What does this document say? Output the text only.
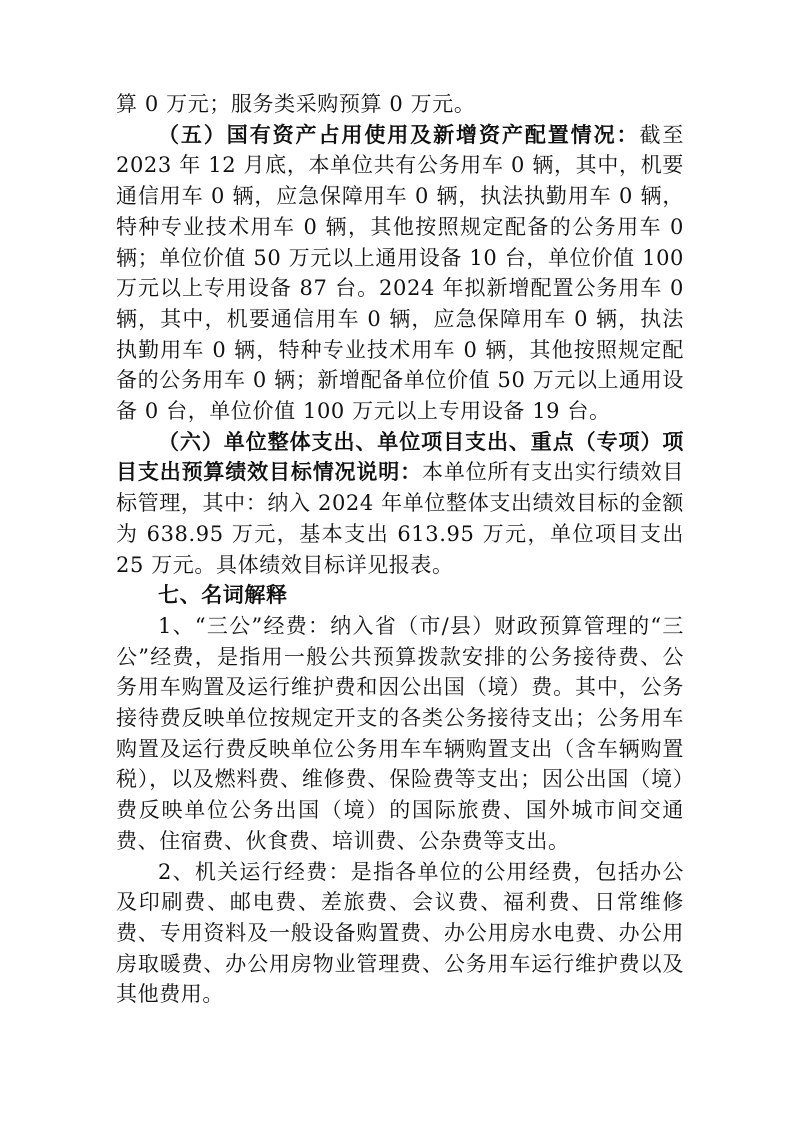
算 0 万元；服务类采购预算 0 万元。

（五）国有资产占用使用及新增资产配置情况：截至 2023 年 12 月底，本单位共有公务用车 0 辆，其中，机要通信用车 0 辆，应急保障用车 0 辆，执法执勤用车 0 辆，特种专业技术用车 0 辆，其他按照规定配备的公务用车 0 辆；单位价值 50 万元以上通用设备 10 台，单位价值 100 万元以上专用设备 87 台。2024 年拟新增配置公务用车 0 辆，其中，机要通信用车 0 辆，应急保障用车 0 辆，执法执勤用车 0 辆，特种专业技术用车 0 辆，其他按照规定配备的公务用车 0 辆；新增配备单位价值 50 万元以上通用设备 0 台，单位价值 100 万元以上专用设备 19 台。

（六）单位整体支出、单位项目支出、重点（专项）项目支出预算绩效目标情况说明：本单位所有支出实行绩效目标管理，其中：纳入 2024 年单位整体支出绩效目标的金额为 638.95 万元，基本支出 613.95 万元，单位项目支出 25 万元。具体绩效目标详见报表。

七、名词解释

1、“三公”经费：纳入省（市/县）财政预算管理的“三公”经费，是指用一般公共预算拨款安排的公务接待费、公务用车购置及运行维护费和因公出国（境）费。其中，公务接待费反映单位按规定开支的各类公务接待支出；公务用车购置及运行费反映单位公务用车车辆购置支出（含车辆购置税），以及燃料费、维修费、保险费等支出；因公出国（境）费反映单位公务出国（境）的国际旅费、国外城市间交通费、住宿费、伙食费、培训费、公杂费等支出。

2、机关运行经费：是指各单位的公用经费，包括办公及印刷费、邮电费、差旅费、会议费、福利费、日常维修费、专用资料及一般设备购置费、办公用房水电费、办公用房取暖费、办公用房物业管理费、公务用车运行维护费以及其他费用。
